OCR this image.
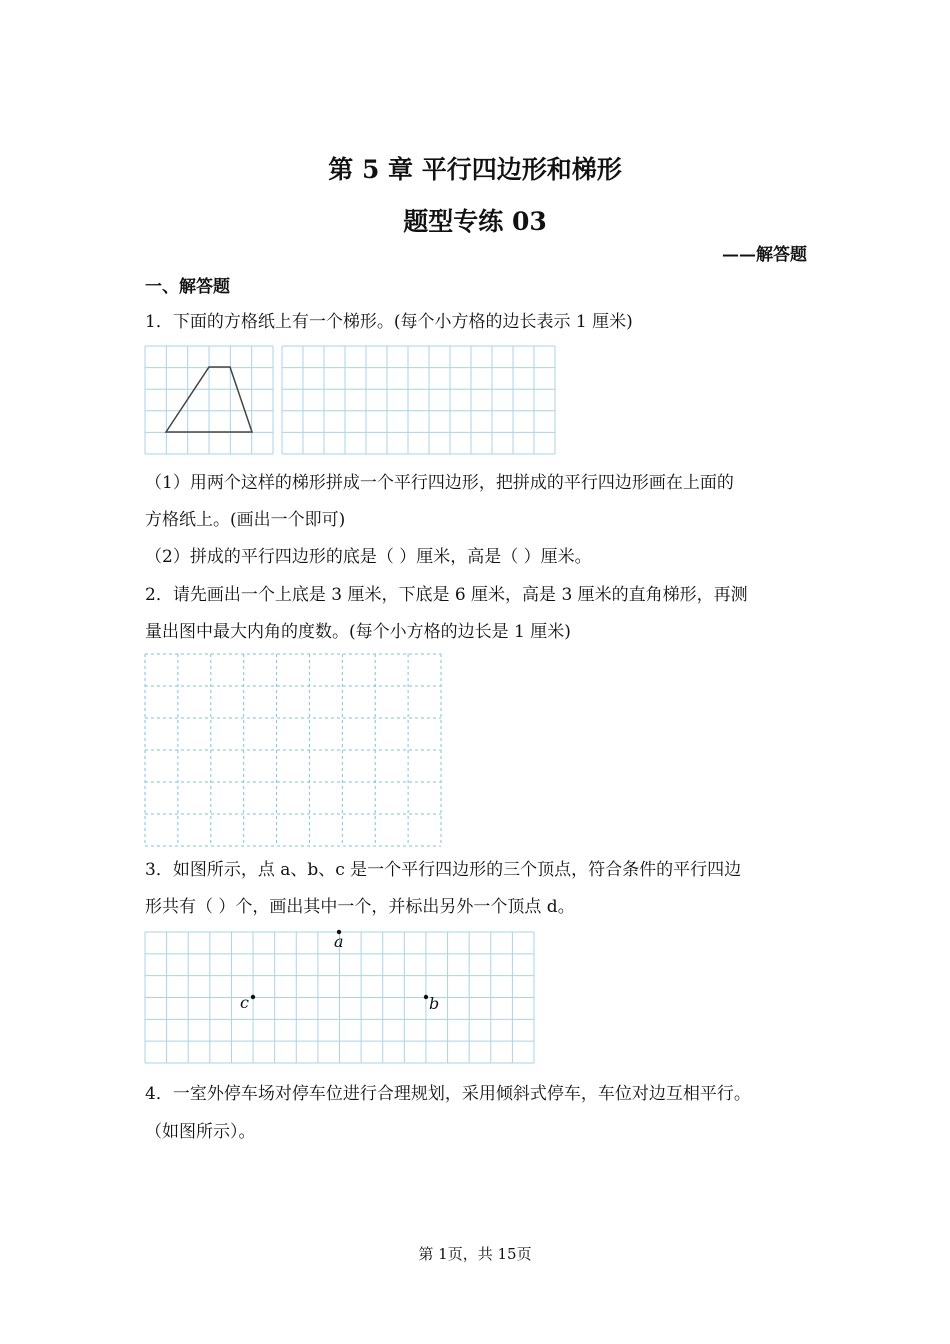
第 5 章 平行四边形和梯形
题型专练 03
——解答题
一、解答题
1．下面的方格纸上有一个梯形。(每个小方格的边长表示 1 厘米)
（1）用两个这样的梯形拼成一个平行四边形，把拼成的平行四边形画在上面的
方格纸上。(画出一个即可)
（2）拼成的平行四边形的底是（ ）厘米，高是（ ）厘米。
2．请先画出一个上底是 3 厘米，下底是 6 厘米，高是 3 厘米的直角梯形，再测
量出图中最大内角的度数。(每个小方格的边长是 1 厘米)
3．如图所示，点 a、b、c 是一个平行四边形的三个顶点，符合条件的平行四边
形共有（ ）个，画出其中一个，并标出另外一个顶点 d。
a
c	b
4．一室外停车场对停车位进行合理规划，采用倾斜式停车，车位对边互相平行。
（如图所示）。
第 1页，共 15页
